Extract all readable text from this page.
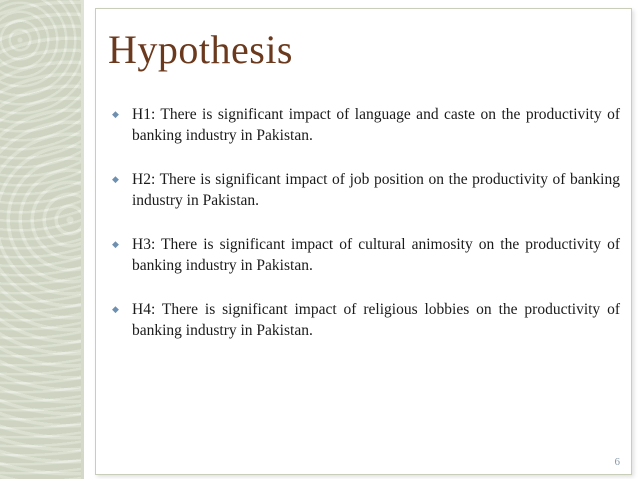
Hypothesis
◆ H1: There is significant impact of language and caste on the productivity of banking industry in Pakistan.
◆ H2: There is significant impact of job position on the productivity of banking industry in Pakistan.
◆ H3: There is significant impact of cultural animosity on the productivity of banking industry in Pakistan.
◆ H4: There is significant impact of religious lobbies on the productivity of banking industry in Pakistan.
6
